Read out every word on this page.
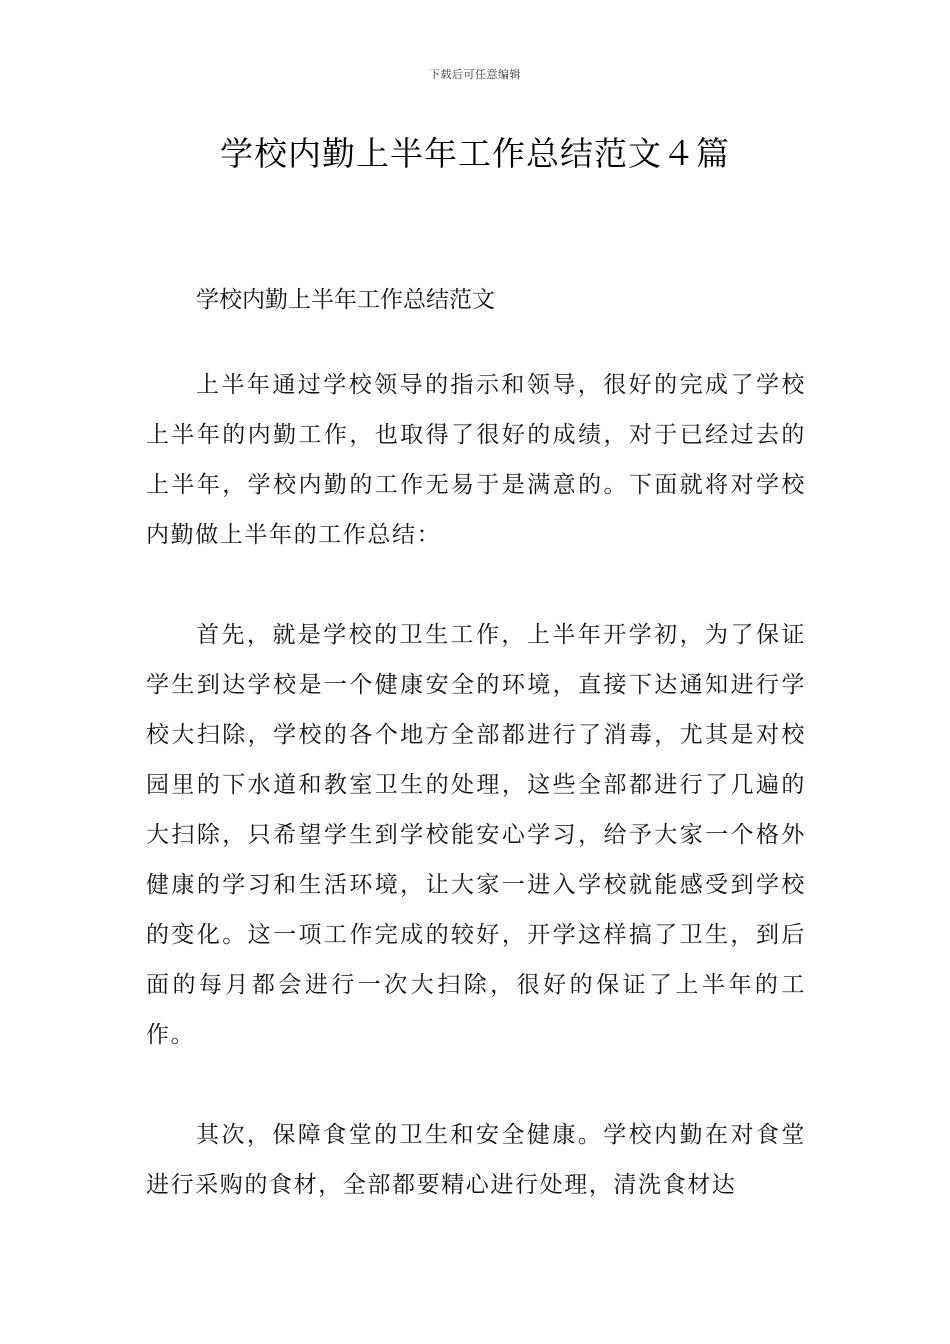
下载后可任意编辑
学校内勤上半年工作总结范文４篇

学校内勤上半年工作总结范文

上半年通过学校领导的指示和领导，很好的完成了学校上半年的内勤工作，也取得了很好的成绩，对于已经过去的上半年，学校内勤的工作无易于是满意的。下面就将对学校内勤做上半年的工作总结：

首先，就是学校的卫生工作，上半年开学初，为了保证学生到达学校是一个健康安全的环境，直接下达通知进行学校大扫除，学校的各个地方全部都进行了消毒，尤其是对校园里的下水道和教室卫生的处理，这些全部都进行了几遍的大扫除，只希望学生到学校能安心学习，给予大家一个格外健康的学习和生活环境，让大家一进入学校就能感受到学校的变化。这一项工作完成的较好，开学这样搞了卫生，到后面的每月都会进行一次大扫除，很好的保证了上半年的工作。

其次，保障食堂的卫生和安全健康。学校内勤在对食堂进行采购的食材，全部都要精心进行处理，清洗食材达
